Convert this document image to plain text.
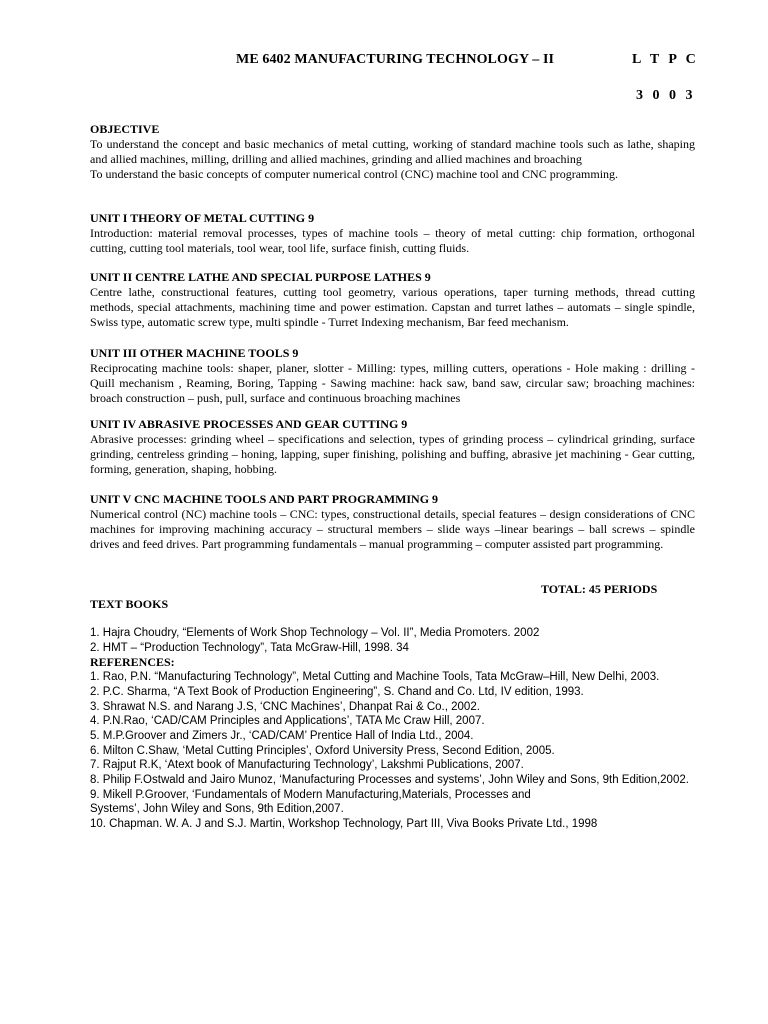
ME 6402 MANUFACTURING TECHNOLOGY – II	L T P C
3 0 0 3
OBJECTIVE
To understand the concept and basic mechanics of metal cutting, working of standard machine tools such as lathe, shaping and allied machines, milling, drilling and allied machines, grinding and allied machines and broaching
To understand the basic concepts of computer numerical control (CNC) machine tool and CNC programming.
UNIT I THEORY OF METAL CUTTING 9
Introduction: material removal processes, types of machine tools – theory of metal cutting: chip formation, orthogonal cutting, cutting tool materials, tool wear, tool life, surface finish, cutting fluids.
UNIT II CENTRE LATHE AND SPECIAL PURPOSE LATHES 9
Centre lathe, constructional features, cutting tool geometry, various operations, taper turning methods, thread cutting methods, special attachments, machining time and power estimation. Capstan and turret lathes – automats – single spindle, Swiss type, automatic screw type, multi spindle - Turret Indexing mechanism, Bar feed mechanism.
UNIT III OTHER MACHINE TOOLS 9
Reciprocating machine tools: shaper, planer, slotter - Milling: types, milling cutters, operations - Hole making : drilling - Quill mechanism , Reaming, Boring, Tapping - Sawing machine: hack saw, band saw, circular saw; broaching machines: broach construction – push, pull, surface and continuous broaching machines
UNIT IV ABRASIVE PROCESSES AND GEAR CUTTING 9
Abrasive processes: grinding wheel – specifications and selection, types of grinding process – cylindrical grinding, surface grinding, centreless grinding – honing, lapping, super finishing, polishing and buffing, abrasive jet machining - Gear cutting, forming, generation, shaping, hobbing.
UNIT V CNC MACHINE TOOLS AND PART PROGRAMMING 9
Numerical control (NC) machine tools – CNC: types, constructional details, special features – design considerations of CNC machines for improving machining accuracy – structural members – slide ways –linear bearings – ball screws – spindle drives and feed drives. Part programming fundamentals – manual programming – computer assisted part programming.
TOTAL: 45 PERIODS
TEXT BOOKS
1. Hajra Choudry, “Elements of Work Shop Technology – Vol. II”, Media Promoters. 2002
2. HMT – “Production Technology”, Tata McGraw-Hill, 1998. 34
REFERENCES:
1. Rao, P.N. “Manufacturing Technology”, Metal Cutting and Machine Tools, Tata McGraw–Hill, New Delhi, 2003.
2. P.C. Sharma, “A Text Book of Production Engineering”, S. Chand and Co. Ltd, IV edition, 1993.
3. Shrawat N.S. and Narang J.S, ‘CNC Machines’, Dhanpat Rai & Co., 2002.
4. P.N.Rao, ‘CAD/CAM Principles and Applications’, TATA Mc Craw Hill, 2007.
5. M.P.Groover and Zimers Jr., ‘CAD/CAM’ Prentice Hall of India Ltd., 2004.
6. Milton C.Shaw, ‘Metal Cutting Principles’, Oxford University Press, Second Edition, 2005.
7. Rajput R.K, ‘Atext book of Manufacturing Technology’, Lakshmi Publications, 2007.
8. Philip F.Ostwald and Jairo Munoz, ‘Manufacturing Processes and systems’, John Wiley and Sons, 9th Edition,2002.
9. Mikell P.Groover, ‘Fundamentals of Modern Manufacturing,Materials, Processes and
Systems’, John Wiley and Sons, 9th Edition,2007.
10. Chapman. W. A. J and S.J. Martin, Workshop Technology, Part III, Viva Books Private Ltd., 1998
